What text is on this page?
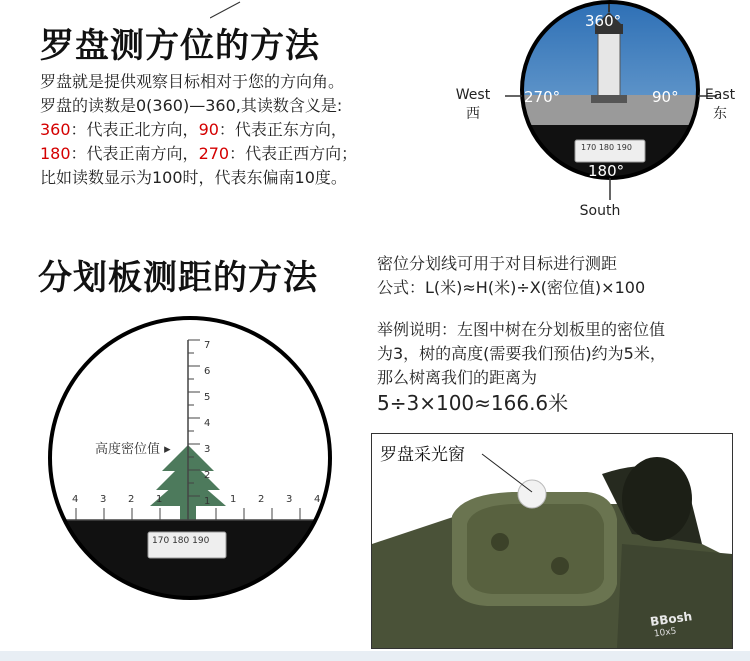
罗盘测方位的方法
罗盘就是提供观察目标相对于您的方向角。
罗盘的读数是0(360)—360,其读数含义是:
360：代表正北方向，90：代表正东方向，
180：代表正南方向，270：代表正西方向；
比如读数显示为100时，代表东偏南10度。
360°
270°	90°
180°
170 180 190
West
西
East
东
South
分划板测距的方法	密位分划线可用于对目标进行测距
公式：L(米)≈H(米)÷X(密位值)×100
举例说明：左图中树在分划板里的密位值
为3，树的高度(需要我们预估)约为5米，
那么树离我们的距离为
5÷3×100≈166.6米
7
6
5
4
3
2
1
4 3 2 1	1 2 3 4
高度密位值 ▸
170 180 190
罗盘采光窗
BBosh
10x5
